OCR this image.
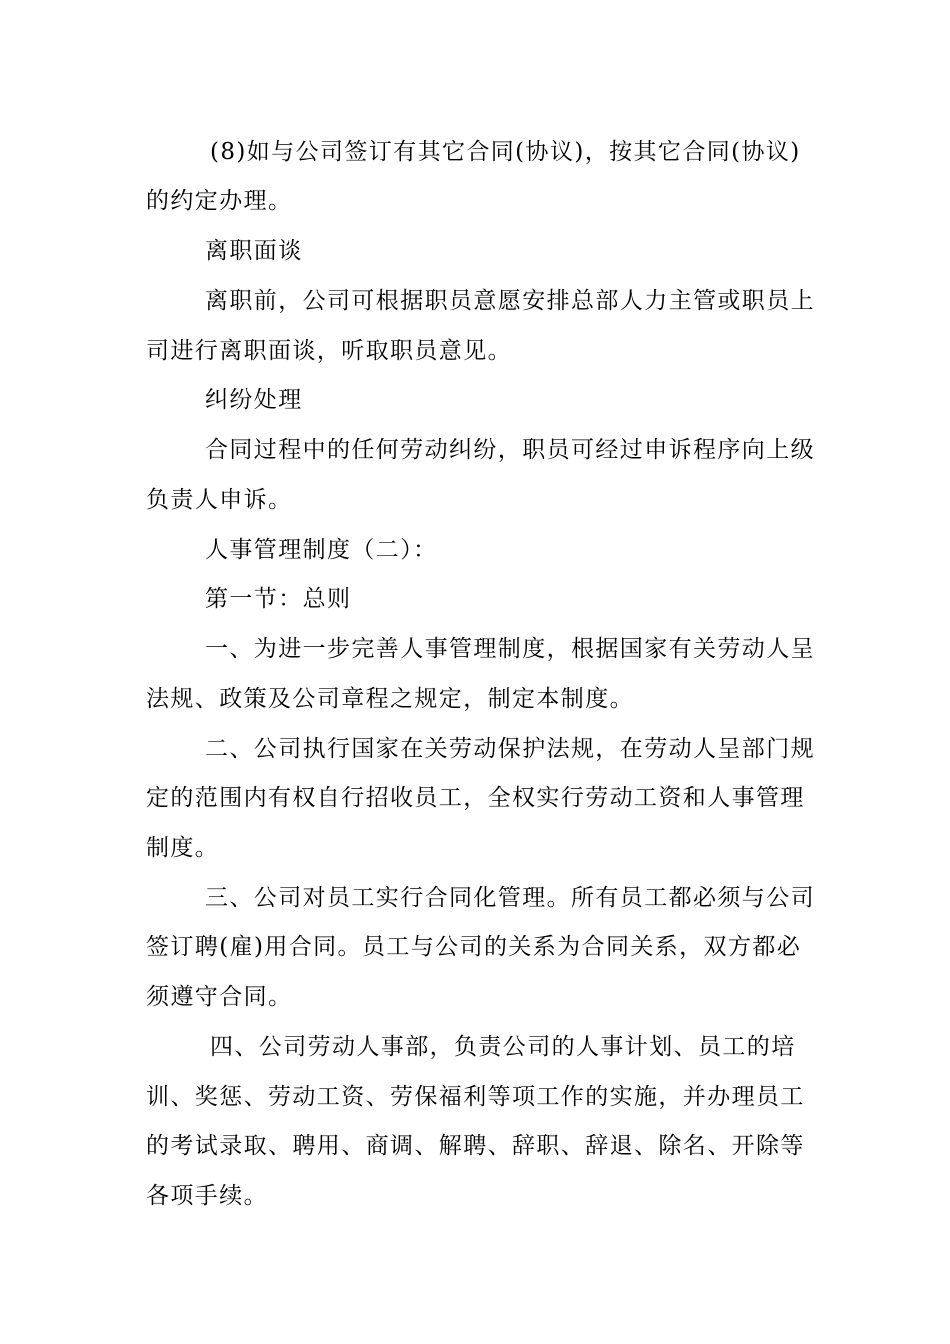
(8)如与公司签订有其它合同(协议)，按其它合同(协议)
的约定办理。
离职面谈
离职前，公司可根据职员意愿安排总部人力主管或职员上
司进行离职面谈，听取职员意见。
纠纷处理
合同过程中的任何劳动纠纷，职员可经过申诉程序向上级
负责人申诉。
人事管理制度（二）：
第一节：总则
一、为进一步完善人事管理制度，根据国家有关劳动人呈
法规、政策及公司章程之规定，制定本制度。
二、公司执行国家在关劳动保护法规，在劳动人呈部门规
定的范围内有权自行招收员工，全权实行劳动工资和人事管理
制度。
三、公司对员工实行合同化管理。所有员工都必须与公司
签订聘(雇)用合同。员工与公司的关系为合同关系，双方都必
须遵守合同。
四、公司劳动人事部，负责公司的人事计划、员工的培
训、奖惩、劳动工资、劳保福利等项工作的实施，并办理员工
的考试录取、聘用、商调、解聘、辞职、辞退、除名、开除等
各项手续。
